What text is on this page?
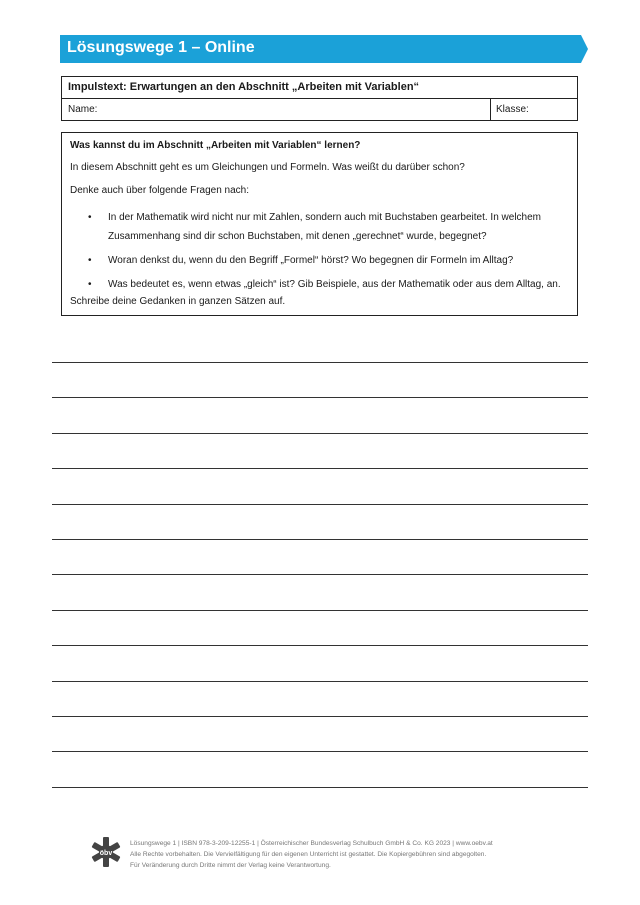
Lösungswege 1 – Online
Impulstext: Erwartungen an den Abschnitt „Arbeiten mit Variablen“
Name:	Klasse:
Was kannst du im Abschnitt „Arbeiten mit Variablen“ lernen?
In diesem Abschnitt geht es um Gleichungen und Formeln. Was weißt du darüber schon?
Denke auch über folgende Fragen nach:
• In der Mathematik wird nicht nur mit Zahlen, sondern auch mit Buchstaben gearbeitet. In welchem Zusammenhang sind dir schon Buchstaben, mit denen „gerechnet“ wurde, begegnet?
• Woran denkst du, wenn du den Begriff „Formel“ hörst? Wo begegnen dir Formeln im Alltag?
• Was bedeutet es, wenn etwas „gleich“ ist? Gib Beispiele, aus der Mathematik oder aus dem Alltag, an.
Schreibe deine Gedanken in ganzen Sätzen auf.
öbv
Lösungswege 1 | ISBN 978-3-209-12255-1 | Österreichischer Bundesverlag Schulbuch GmbH & Co. KG 2023 | www.oebv.at
Alle Rechte vorbehalten. Die Vervielfältigung für den eigenen Unterricht ist gestattet. Die Kopiergebühren sind abgegolten.
Für Veränderung durch Dritte nimmt der Verlag keine Verantwortung.
